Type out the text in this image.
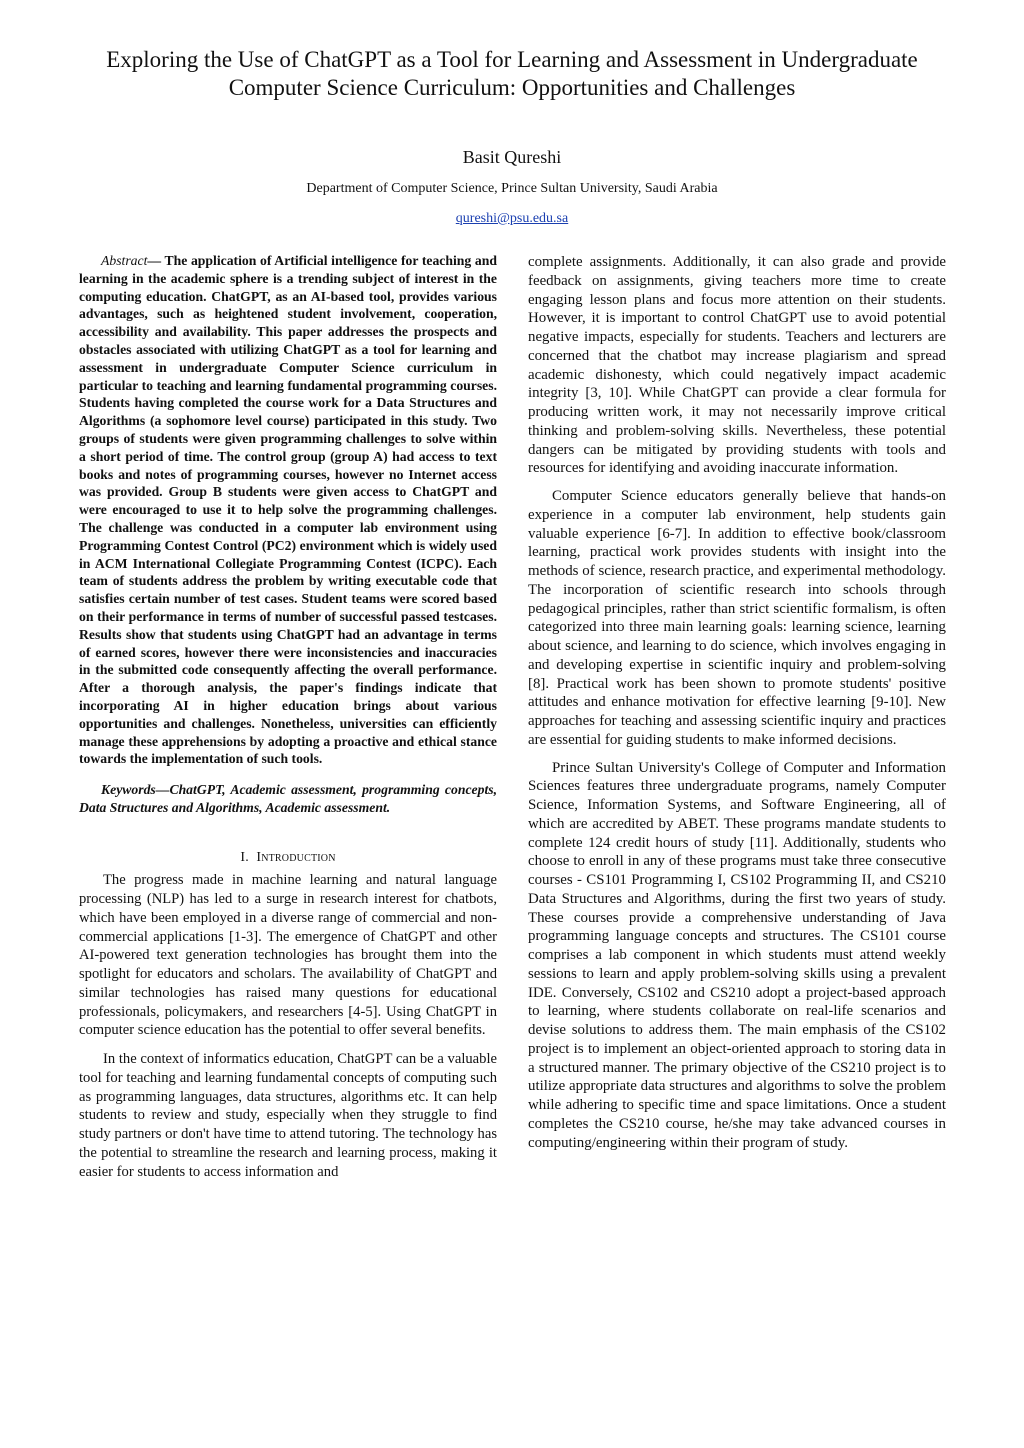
Exploring the Use of ChatGPT as a Tool for Learning and Assessment in Undergraduate
Computer Science Curriculum: Opportunities and Challenges
Basit Qureshi
Department of Computer Science, Prince Sultan University, Saudi Arabia
qureshi@psu.edu.sa

Abstract— The application of Artificial intelligence for teaching and learning in the academic sphere is a trending subject of interest in the computing education. ChatGPT, as an AI-based tool, provides various advantages, such as heightened student involvement, cooperation, accessibility and availability. This paper addresses the prospects and obstacles associated with utilizing ChatGPT as a tool for learning and assessment in undergraduate Computer Science curriculum in particular to teaching and learning fundamental programming courses. Students having completed the course work for a Data Structures and Algorithms (a sophomore level course) participated in this study. Two groups of students were given programming challenges to solve within a short period of time. The control group (group A) had access to text books and notes of programming courses, however no Internet access was provided. Group B students were given access to ChatGPT and were encouraged to use it to help solve the programming challenges. The challenge was conducted in a computer lab environment using Programming Contest Control (PC2) environment which is widely used in ACM International Collegiate Programming Contest (ICPC). Each team of students address the problem by writing executable code that satisfies certain number of test cases. Student teams were scored based on their performance in terms of number of successful passed testcases. Results show that students using ChatGPT had an advantage in terms of earned scores, however there were inconsistencies and inaccuracies in the submitted code consequently affecting the overall performance. After a thorough analysis, the paper's findings indicate that incorporating AI in higher education brings about various opportunities and challenges. Nonetheless, universities can efficiently manage these apprehensions by adopting a proactive and ethical stance towards the implementation of such tools.

Keywords—ChatGPT, Academic assessment, programming concepts, Data Structures and Algorithms, Academic assessment.

I. Introduction

The progress made in machine learning and natural language processing (NLP) has led to a surge in research interest for chatbots, which have been employed in a diverse range of commercial and non-commercial applications [1-3]. The emergence of ChatGPT and other AI-powered text generation technologies has brought them into the spotlight for educators and scholars. The availability of ChatGPT and similar technologies has raised many questions for educational professionals, policymakers, and researchers [4-5]. Using ChatGPT in computer science education has the potential to offer several benefits.

In the context of informatics education, ChatGPT can be a valuable tool for teaching and learning fundamental concepts of computing such as programming languages, data structures, algorithms etc. It can help students to review and study, especially when they struggle to find study partners or don't have time to attend tutoring. The technology has the potential to streamline the research and learning process, making it easier for students to access information and

complete assignments. Additionally, it can also grade and provide feedback on assignments, giving teachers more time to create engaging lesson plans and focus more attention on their students. However, it is important to control ChatGPT use to avoid potential negative impacts, especially for students. Teachers and lecturers are concerned that the chatbot may increase plagiarism and spread academic dishonesty, which could negatively impact academic integrity [3, 10]. While ChatGPT can provide a clear formula for producing written work, it may not necessarily improve critical thinking and problem-solving skills. Nevertheless, these potential dangers can be mitigated by providing students with tools and resources for identifying and avoiding inaccurate information.

Computer Science educators generally believe that hands-on experience in a computer lab environment, help students gain valuable experience [6-7]. In addition to effective book/classroom learning, practical work provides students with insight into the methods of science, research practice, and experimental methodology. The incorporation of scientific research into schools through pedagogical principles, rather than strict scientific formalism, is often categorized into three main learning goals: learning science, learning about science, and learning to do science, which involves engaging in and developing expertise in scientific inquiry and problem-solving [8]. Practical work has been shown to promote students' positive attitudes and enhance motivation for effective learning [9-10]. New approaches for teaching and assessing scientific inquiry and practices are essential for guiding students to make informed decisions.

Prince Sultan University's College of Computer and Information Sciences features three undergraduate programs, namely Computer Science, Information Systems, and Software Engineering, all of which are accredited by ABET. These programs mandate students to complete 124 credit hours of study [11]. Additionally, students who choose to enroll in any of these programs must take three consecutive courses - CS101 Programming I, CS102 Programming II, and CS210 Data Structures and Algorithms, during the first two years of study. These courses provide a comprehensive understanding of Java programming language concepts and structures. The CS101 course comprises a lab component in which students must attend weekly sessions to learn and apply problem-solving skills using a prevalent IDE. Conversely, CS102 and CS210 adopt a project-based approach to learning, where students collaborate on real-life scenarios and devise solutions to address them. The main emphasis of the CS102 project is to implement an object-oriented approach to storing data in a structured manner. The primary objective of the CS210 project is to utilize appropriate data structures and algorithms to solve the problem while adhering to specific time and space limitations. Once a student completes the CS210 course, he/she may take advanced courses in computing/engineering within their program of study.
